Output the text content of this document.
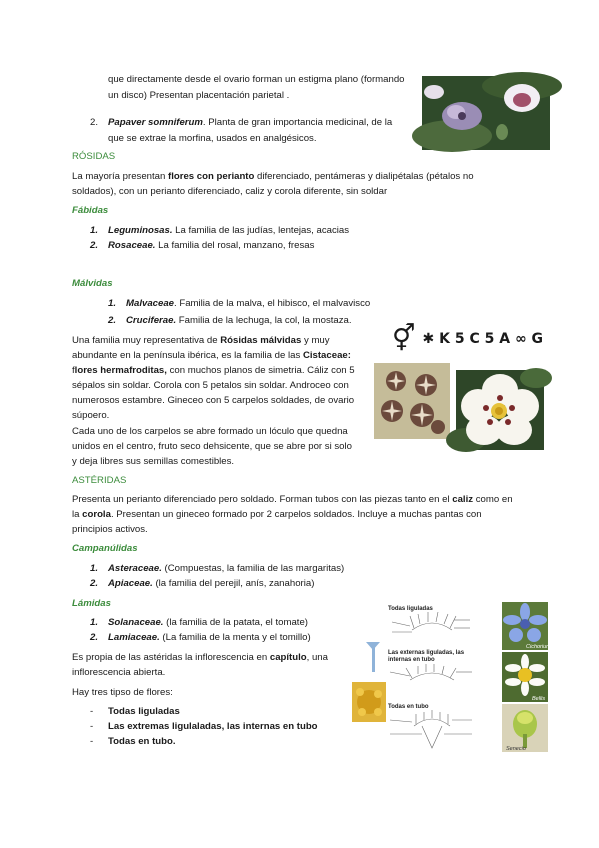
que directamente desde el ovario forman un estigma plano (formando

un disco) Presentan placentación parietal .

2. Papaver somniferum. Planta de gran importancia medicinal, de la

que se extrae la morfina, usados en analgésicos.

RÓSIDAS

La mayoría presentan flores con perianto diferenciado, pentámeras y dialipétalas (pétalos no

soldados), con un perianto diferenciado, caliz y corola diferente, sin soldar

Fábidas

1. Leguminosas. La familia de las judías, lentejas, acacias

2. Rosaceae. La familia del rosal, manzano, fresas

Málvidas

1. Malvaceae. Familia de la malva, el hibisco, el malvavisco

2. Cruciferae. Familia de la lechuga, la col, la mostaza.

Una familia muy representativa de Rósidas málvidas y muy

abundante en la península ibérica, es la familia de las Cistaceae:

flores hermafroditas, con muchos planos de simetria. Cáliz con 5

sépalos sin soldar. Corola con 5 petalos sin soldar. Androceo con

numerosos estambre. Gineceo con 5 carpelos soldades, de ovario

súpoero.

⚥ ✱ K 5 C 5 A ∞ G

Cada uno de los carpelos se abre formado un lóculo que quedna

unidos en el centro, fruto seco dehsicente, que se abre por si solo

y deja libres sus semillas comestibles.

ASTÉRIDAS

Presenta un perianto diferenciado pero soldado. Forman tubos con las piezas tanto en el caliz como en

la corola. Presentan un gineceo formado por 2 carpelos soldados. Incluye a muchas pantas con

principios activos.

Campanúlidas

1. Asteraceae. (Compuestas, la familia de las margaritas)

2. Apiaceae. (la familia del perejil, anís, zanahoria)

Lámidas

1. Solanaceae. (la familia de la patata, el tomate)

2. Lamiaceae. (La familia de la menta y el tomillo)

Es propia de las astéridas la inflorescencia en capítulo, una

inflorescencia abierta.

Hay tres tipso de flores:

- Todas liguladas

- Las extremas ligulaladas, las internas en tubo

- Todas en tubo.

Todas liguladas
Las externas liguladas, las
internas en tubo
Todas en tubo
Cichorium
Bellis
Senecio
